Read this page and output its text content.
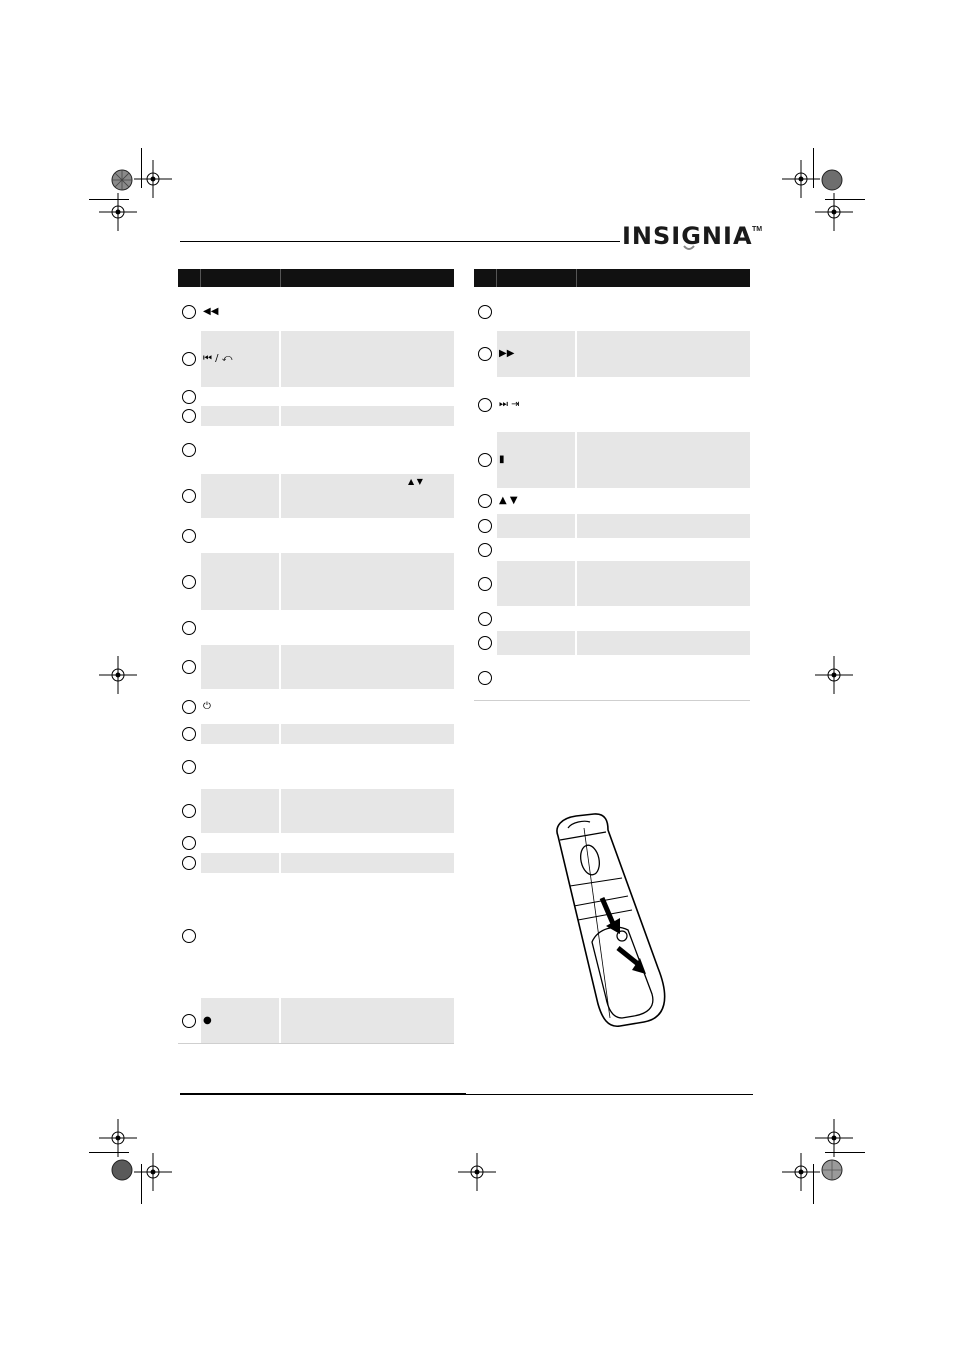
INSIGNIA TM
◀◀
⏮ / ⤺
▲ ▼
⏻
●
▶▶
⏭ ⇥
▮
▲ ▼
